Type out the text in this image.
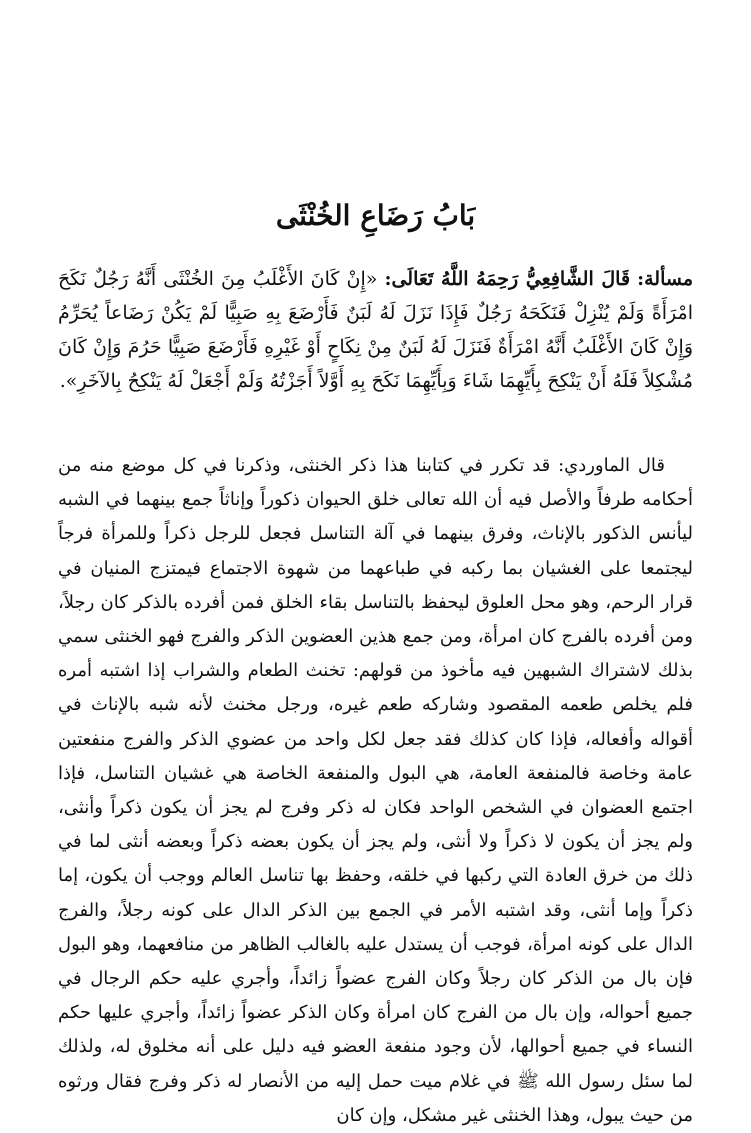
بَابُ رَضَاعِ الخُنْثَى

مسألة: قَالَ الشَّافِعِيُّ رَحِمَهُ اللَّهُ تَعَالَى: «إِنْ كَانَ الأَغْلَبُ مِنَ الخُنْثَى أَنَّهُ رَجُلٌ نَكَحَ امْرَأَةً وَلَمْ يُنْزِلْ فَنَكَحَهُ رَجُلٌ فَإِذَا نَزَلَ لَهُ لَبَنٌ فَأَرْضَعَ بِهِ صَبِيًّا لَمْ يَكُنْ رَضَاعاً يُحَرِّمُ وَإِنْ كَانَ الأَغْلَبُ أَنَّهُ امْرَأَةٌ فَنَزَلَ لَهُ لَبَنٌ مِنْ نِكَاحٍ أَوْ غَيْرِهِ فَأَرْضَعَ صَبِيًّا حَرُمَ وَإِنْ كَانَ مُشْكِلاً فَلَهُ أَنْ يَنْكِحَ بِأَيِّهِمَا شَاءَ وَبِأَيِّهِمَا نَكَحَ بِهِ أَوَّلاً أَجَزْتُهُ وَلَمْ أَجْعَلْ لَهُ يَنْكِحُ بِالآخَرِ».

قال الماوردي: قد تكرر في كتابنا هذا ذكر الخنثى، وذكرنا في كل موضع منه من أحكامه طرفاً والأصل فيه أن الله تعالى خلق الحيوان ذكوراً وإناثاً جمع بينهما في الشبه ليأنس الذكور بالإناث، وفرق بينهما في آلة التناسل فجعل للرجل ذكراً وللمرأة فرجاً ليجتمعا على الغشيان بما ركبه في طباعهما من شهوة الاجتماع فيمتزج المنيان في قرار الرحم، وهو محل العلوق ليحفظ بالتناسل بقاء الخلق فمن أفرده بالذكر كان رجلاً، ومن أفرده بالفرج كان امرأة، ومن جمع هذين العضوين الذكر والفرج فهو الخنثى سمي بذلك لاشتراك الشبهين فيه مأخوذ من قولهم: تخنث الطعام والشراب إذا اشتبه أمره فلم يخلص طعمه المقصود وشاركه طعم غيره، ورجل مخنث لأنه شبه بالإناث في أقواله وأفعاله، فإذا كان كذلك فقد جعل لكل واحد من عضوي الذكر والفرج منفعتين عامة وخاصة فالمنفعة العامة، هي البول والمنفعة الخاصة هي غشيان التناسل، فإذا اجتمع العضوان في الشخص الواحد فكان له ذكر وفرج لم يجز أن يكون ذكراً وأنثى، ولم يجز أن يكون لا ذكراً ولا أنثى، ولم يجز أن يكون بعضه ذكراً وبعضه أنثى لما في ذلك من خرق العادة التي ركبها في خلقه، وحفظ بها تناسل العالم ووجب أن يكون، إما ذكراً وإما أنثى، وقد اشتبه الأمر في الجمع بين الذكر الدال على كونه رجلاً، والفرج الدال على كونه امرأة، فوجب أن يستدل عليه بالغالب الظاهر من منافعهما، وهو البول فإن بال من الذكر كان رجلاً وكان الفرج عضواً زائداً، وأجري عليه حكم الرجال في جميع أحواله، وإن بال من الفرج كان امرأة وكان الذكر عضواً زائداً، وأجري عليها حكم النساء في جميع أحوالها، لأن وجود منفعة العضو فيه دليل على أنه مخلوق له، ولذلك لما سئل رسول الله ﷺ في غلام ميت حمل إليه من الأنصار له ذكر وفرج فقال ورثوه من حيث يبول، وهذا الخنثى غير مشكل، وإن كان
